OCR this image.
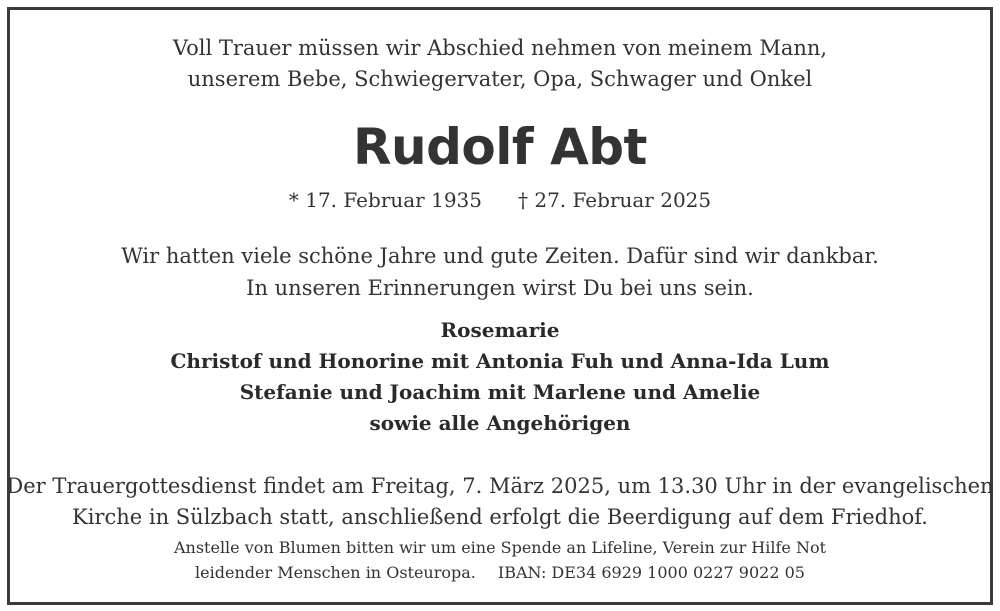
Voll Trauer müssen wir Abschied nehmen von meinem Mann,
unserem Bebe, Schwiegervater, Opa, Schwager und Onkel
Rudolf Abt
* 17. Februar 1935 † 27. Februar 2025
Wir hatten viele schöne Jahre und gute Zeiten. Dafür sind wir dankbar.
In unseren Erinnerungen wirst Du bei uns sein.
Rosemarie
Christof und Honorine mit Antonia Fuh und Anna-Ida Lum
Stefanie und Joachim mit Marlene und Amelie
sowie alle Angehörigen
Der Trauergottesdienst findet am Freitag, 7. März 2025, um 13.30 Uhr in der evangelischen
Kirche in Sülzbach statt, anschließend erfolgt die Beerdigung auf dem Friedhof.
Anstelle von Blumen bitten wir um eine Spende an Lifeline, Verein zur Hilfe Not
leidender Menschen in Osteuropa. IBAN: DE34 6929 1000 0227 9022 05
